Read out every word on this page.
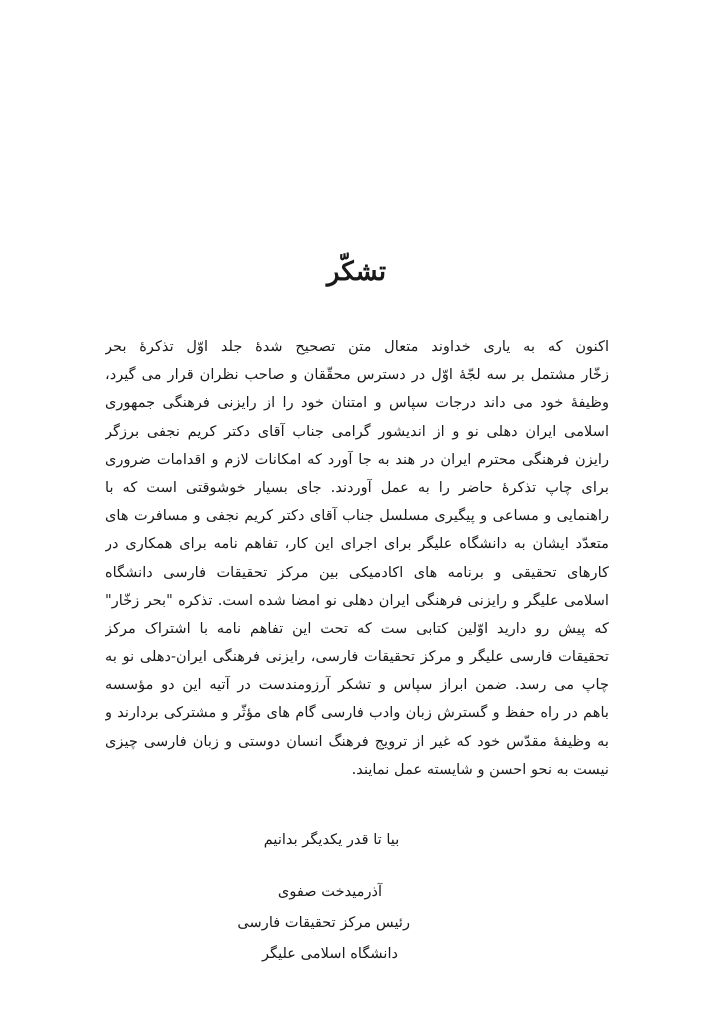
تشکّر
اکنون که به یاری خداوند متعال متن تصحیح شدهٔ جلد اوّل تذکرهٔ بحر
زخّار مشتمل بر سه لجّهٔ اوّل در دسترس محقّقان و صاحب نظران قرار می گیرد،
وظیفهٔ خود می داند درجات سپاس و امتنان خود را از رایزنی فرهنگی جمهوری
اسلامی ایران دهلی نو و از اندیشور گرامی جناب آقای دکتر کریم نجفی برزگر
رایزن فرهنگی محترم ایران در هند به جا آورد که امکانات لازم و اقدامات ضروری
برای چاپ تذکرهٔ حاضر را به عمل آوردند. جای بسیار خوشوقتی است که با
راهنمایی و مساعی و پیگیری مسلسل جناب آقای دکتر کریم نجفی و مسافرت های
متعدّد ایشان به دانشگاه علیگر برای اجرای این کار، تفاهم نامه برای همکاری در
کارهای تحقیقی و برنامه های اکادمیکی بین مرکز تحقیقات فارسی دانشگاه
اسلامی علیگر و رایزنی فرهنگی ایران دهلی نو امضا شده است. تذکره "بحر زخّار"
که پیش رو دارید اوّلین کتابی ست که تحت این تفاهم نامه با اشتراک مرکز
تحقیقات فارسی علیگر و مرکز تحقیقات فارسی، رایزنی فرهنگی ایران-دهلی نو به
چاپ می رسد. ضمن ابراز سپاس و تشکر آرزومندست در آتیه این دو مؤسسه
باهم در راه حفظ و گسترش زبان وادب فارسی گام های مؤثّر و مشترکی بردارند و
به وظیفهٔ مقدّس خود که غیر از ترویج فرهنگ انسان دوستی و زبان فارسی چیزی
نیست به نحو احسن و شایسته عمل نمایند.
بیا تا قدر یکدیگر بدانیم
آذرمیدخت صفوی
رئیس مرکز تحقیقات فارسی
دانشگاه اسلامی علیگر
